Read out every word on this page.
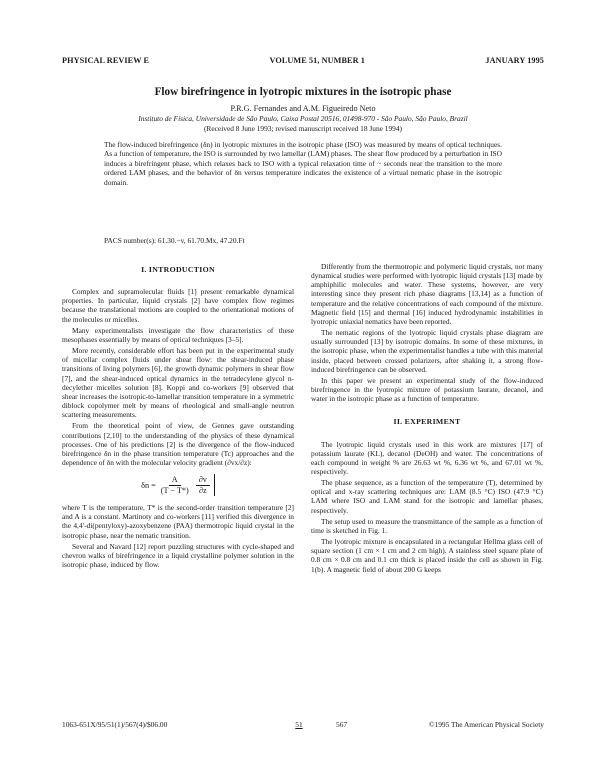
PHYSICAL REVIEW E	VOLUME 51, NUMBER 1	JANUARY 1995
Flow birefringence in lyotropic mixtures in the isotropic phase
P.R.G. Fernandes and A.M. Figueiredo Neto
Instituto de Física, Universidade de São Paulo, Caixa Postal 20516, 01498-970 - São Paulo, São Paulo, Brazil
(Received 8 June 1993; revised manuscript received 18 June 1994)
The flow-induced birefringence (δn) in lyotropic mixtures in the isotropic phase (ISO) was measured by means of optical techniques. As a function of temperature, the ISO is surrounded by two lamellar (LAM) phases. The shear flow produced by a perturbation in ISO induces a birefringent phase, which relaxes back to ISO with a typical relaxation time of ~ seconds near the transition to the more ordered LAM phases, and the behavior of δn versus temperature indicates the existence of a virtual nematic phase in the isotropic domain.
PACS number(s): 61.30.−v, 61.70.Mx, 47.20.Ft
I. INTRODUCTION

Complex and supramolecular fluids [1] present remarkable dynamical properties. In particular, liquid crystals [2] have complex flow regimes because the translational motions are coupled to the orientational motions of the molecules or micelles.

Many experimentalists investigate the flow characteristics of these mesophases essentially by means of optical techniques [3–5].

More recently, considerable effort has been put in the experimental study of micellar complex fluids under shear flow: the shear-induced phase transitions of living polymers [6], the growth dynamic polymers in shear flow [7], and the shear-induced optical dynamics in the tetradecylene glycol n-decylether micelles solution [8]. Koppi and co-workers [9] observed that shear increases the isotropic-to-lamellar transition temperature in a symmetric diblock copolymer melt by means of rheological and small-angle neutron scattering measurements.

From the theoretical point of view, de Gennes gave outstanding contributions [2,10] to the understanding of the physics of these dynamical processes. One of his predictions [2] is the divergence of the flow-induced birefringence δn in the phase transition temperature (Tc) approaches and the dependence of δn with the molecular velocity gradient (∂vx/∂z):

$\delta n = \frac{A}{(T - T*)} \frac{\partial v}{\partial z}$

where T is the temperature, T* is the second-order transition temperature [2] and A is a constant. Martinoty and co-workers [11] verified this divergence in the 4,4′-di(pentyloxy)-azoxybenzene (PAA) thermotropic liquid crystal in the isotropic phase, near the nematic transition.

Several and Navard [12] report puzzling structures with cycle-shaped and chevron walks of birefringence in a liquid crystalline polymer solution in the isotropic phase, induced by flow.

Differently from the thermotropic and polymeric liquid crystals, not many dynamical studies were performed with lyotropic liquid crystals [13] made by amphiphilic molecules and water. These systems, however, are very interesting since they present rich phase diagrams [13,14] as a function of temperature and the relative concentrations of each compound of the mixture. Magnetic field [15] and thermal [16] induced hydrodynamic instabilities in lyotropic uniaxial nematics have been reported.

The nematic regions of the lyotropic liquid crystals phase diagram are usually surrounded [13] by isotropic domains. In some of these mixtures, in the isotropic phase, when the experimentalist handles a tube with this material inside, placed between crossed polarizers, after shaking it, a strong flow-induced birefringence can be observed.

In this paper we present an experimental study of the flow-induced birefringence in the lyotropic mixture of potassium laurate, decanol, and water in the isotropic phase as a function of temperature.

II. EXPERIMENT

The lyotropic liquid crystals used in this work are mixtures [17] of potassium laurate (KL), decanol (DeOH) and water. The concentrations of each compound in weight % are 26.63 wt %, 6.36 wt %, and 67.01 wt %, respectively.

The phase sequence, as a function of the temperature (T), determined by optical and x-ray scattering techniques are: LAM (8.5 °C) ISO (47.9 °C) LAM where ISO and LAM stand for the isotropic and lamellar phases, respectively.

The setup used to measure the transmittance of the sample as a function of time is sketched in Fig. 1.

The lyotropic mixture is encapsulated in a rectangular Hellma glass cell of square section (1 cm × 1 cm and 2 cm high). A stainless steel square plate of 0.8 cm × 0.8 cm and 0.1 cm thick is placed inside the cell as shown in Fig. 1(b). A magnetic field of about 200 G keeps

1063-651X/95/51(1)/567(4)/$06.00	51	567	©1995 The American Physical Society
